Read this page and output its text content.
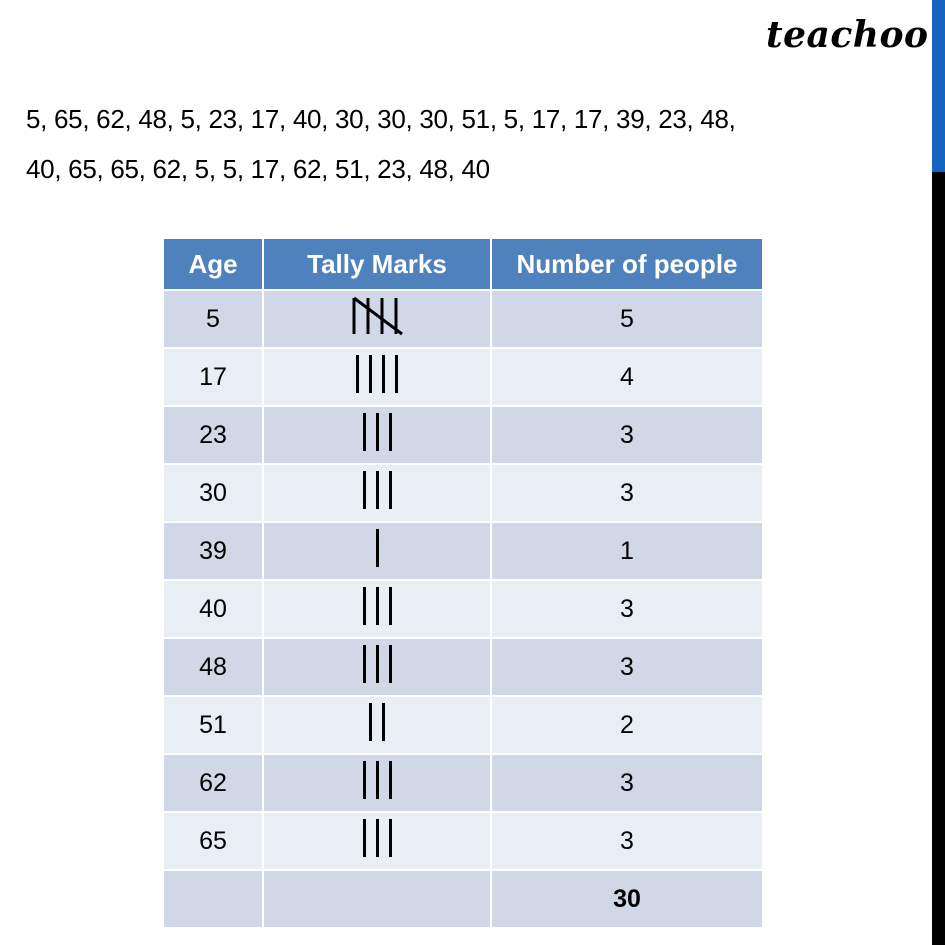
teachoo
5, 65, 62, 48, 5, 23, 17, 40, 30, 30, 30, 51, 5, 17, 17, 39, 23, 48,
40, 65, 65, 62, 5, 5, 17, 62, 51, 23, 48, 40
Age	Tally Marks	Number of people
5		5
17		4
23		3
30		3
39		1
40		3
48		3
51		2
62		3
65		3
		30
